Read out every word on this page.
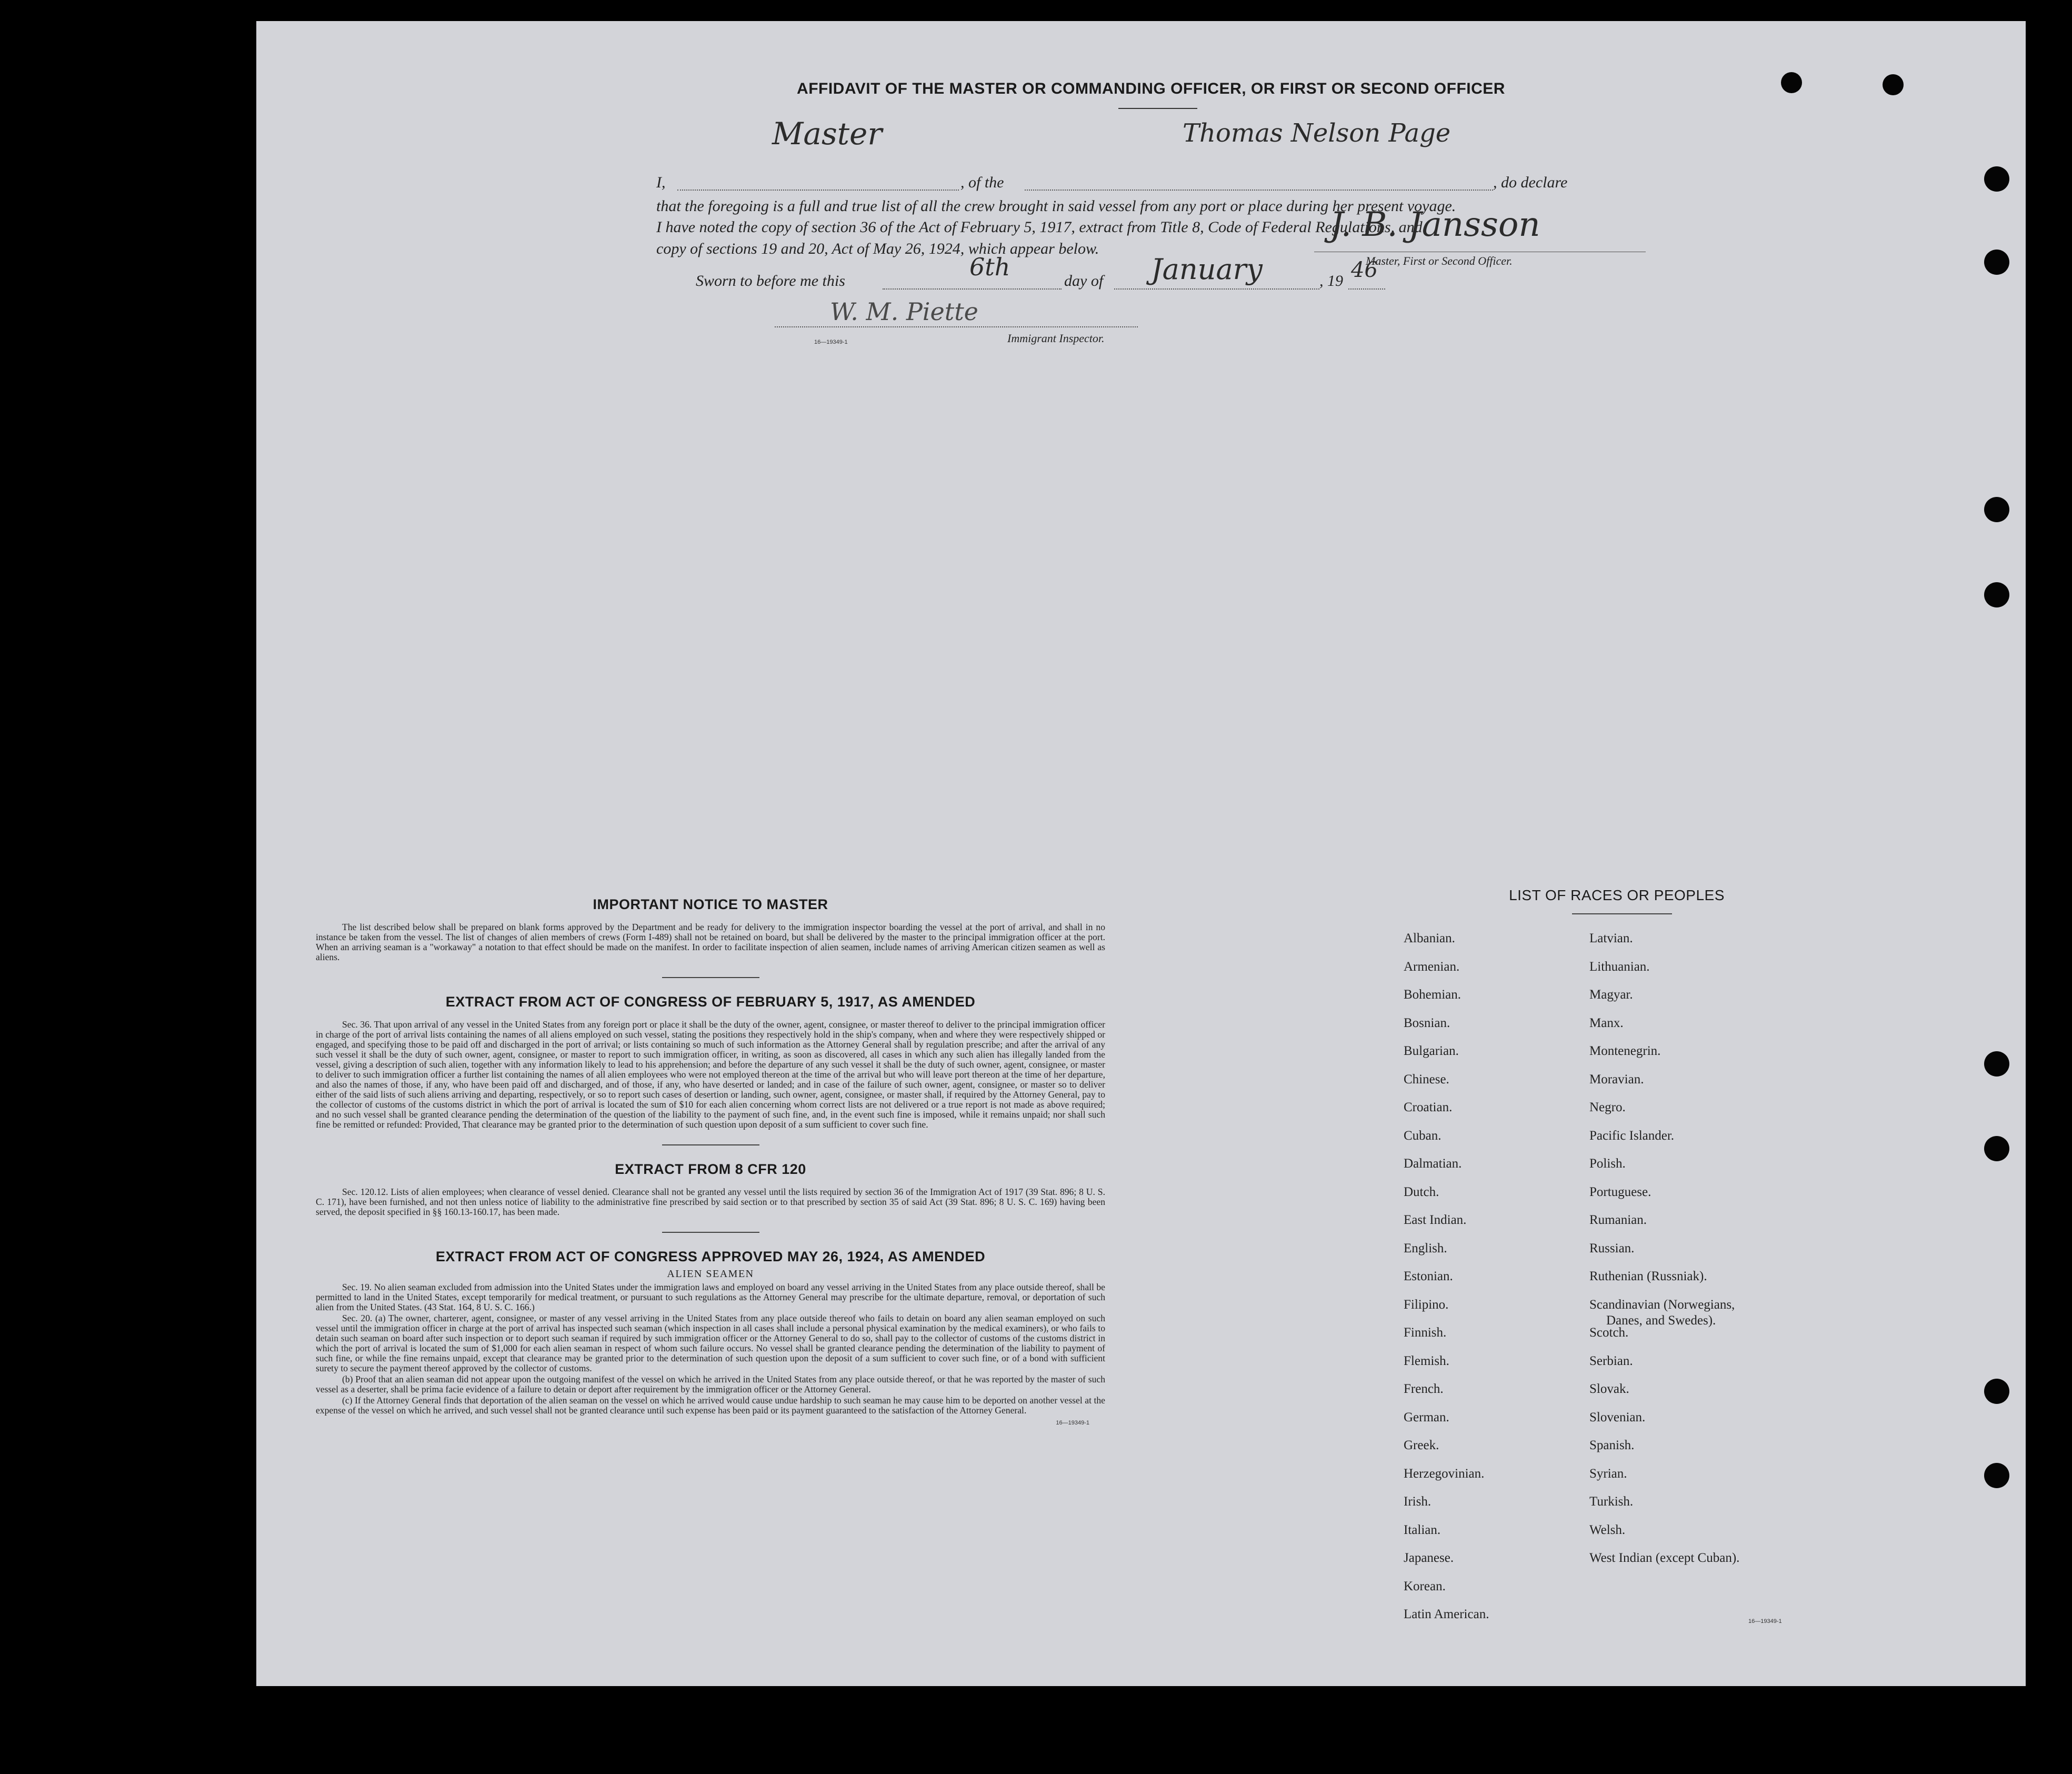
AFFIDAVIT OF THE MASTER OR COMMANDING OFFICER, OR FIRST OR SECOND OFFICER
I,
Master
, of the
Thomas Nelson Page
, do declare
that the foregoing is a full and true list of all the crew brought in said vessel from any port or place during her present voyage.
I have noted the copy of section 36 of the Act of February 5, 1917, extract from Title 8, Code of Federal Regulations, and
copy of sections 19 and 20, Act of May 26, 1924, which appear below.
J. B. Jansson
Master, First or Second Officer.
Sworn to before me this	6th	day of January	, 19 46
W. M. Piette
16—19349-1	Immigrant Inspector.
IMPORTANT NOTICE TO MASTER

The list described below shall be prepared on blank forms approved by the Department and be ready for delivery to the immigration inspector boarding the vessel at the port of arrival, and shall in no instance be taken from the vessel. The list of changes of alien members of crews (Form I-489) shall not be retained on board, but shall be delivered by the master to the principal immigration officer at the port. When an arriving seaman is a "workaway" a notation to that effect should be made on the manifest. In order to facilitate inspection of alien seamen, include names of arriving American citizen seamen as well as aliens.

EXTRACT FROM ACT OF CONGRESS OF FEBRUARY 5, 1917, AS AMENDED

Sec. 36. That upon arrival of any vessel in the United States from any foreign port or place it shall be the duty of the owner, agent, consignee, or master thereof to deliver to the principal immigration officer in charge of the port of arrival lists containing the names of all aliens employed on such vessel, stating the positions they respectively hold in the ship's company, when and where they were respectively shipped or engaged, and specifying those to be paid off and discharged in the port of arrival; or lists containing so much of such information as the Attorney General shall by regulation prescribe; and after the arrival of any such vessel it shall be the duty of such owner, agent, consignee, or master to report to such immigration officer, in writing, as soon as discovered, all cases in which any such alien has illegally landed from the vessel, giving a description of such alien, together with any information likely to lead to his apprehension; and before the departure of any such vessel it shall be the duty of such owner, agent, consignee, or master to deliver to such immigration officer a further list containing the names of all alien employees who were not employed thereon at the time of the arrival but who will leave port thereon at the time of her departure, and also the names of those, if any, who have been paid off and discharged, and of those, if any, who have deserted or landed; and in case of the failure of such owner, agent, consignee, or master so to deliver either of the said lists of such aliens arriving and departing, respectively, or so to report such cases of desertion or landing, such owner, agent, consignee, or master shall, if required by the Attorney General, pay to the collector of customs of the customs district in which the port of arrival is located the sum of $10 for each alien concerning whom correct lists are not delivered or a true report is not made as above required; and no such vessel shall be granted clearance pending the determination of the question of the liability to the payment of such fine, and, in the event such fine is imposed, while it remains unpaid; nor shall such fine be remitted or refunded: Provided, That clearance may be granted prior to the determination of such question upon deposit of a sum sufficient to cover such fine.

EXTRACT FROM 8 CFR 120

Sec. 120.12. Lists of alien employees; when clearance of vessel denied. Clearance shall not be granted any vessel until the lists required by section 36 of the Immigration Act of 1917 (39 Stat. 896; 8 U. S. C. 171), have been furnished, and not then unless notice of liability to the administrative fine prescribed by said section or to that prescribed by section 35 of said Act (39 Stat. 896; 8 U. S. C. 169) having been served, the deposit specified in §§ 160.13-160.17, has been made.

EXTRACT FROM ACT OF CONGRESS APPROVED MAY 26, 1924, AS AMENDED
ALIEN SEAMEN

Sec. 19. No alien seaman excluded from admission into the United States under the immigration laws and employed on board any vessel arriving in the United States from any place outside thereof, shall be permitted to land in the United States, except temporarily for medical treatment, or pursuant to such regulations as the Attorney General may prescribe for the ultimate departure, removal, or deportation of such alien from the United States. (43 Stat. 164, 8 U. S. C. 166.)

Sec. 20. (a) The owner, charterer, agent, consignee, or master of any vessel arriving in the United States from any place outside thereof who fails to detain on board any alien seaman employed on such vessel until the immigration officer in charge at the port of arrival has inspected such seaman (which inspection in all cases shall include a personal physical examination by the medical examiners), or who fails to detain such seaman on board after such inspection or to deport such seaman if required by such immigration officer or the Attorney General to do so, shall pay to the collector of customs of the customs district in which the port of arrival is located the sum of $1,000 for each alien seaman in respect of whom such failure occurs. No vessel shall be granted clearance pending the determination of the liability to payment of such fine, or while the fine remains unpaid, except that clearance may be granted prior to the determination of such question upon the deposit of a sum sufficient to cover such fine, or of a bond with sufficient surety to secure the payment thereof approved by the collector of customs.

(b) Proof that an alien seaman did not appear upon the outgoing manifest of the vessel on which he arrived in the United States from any place outside thereof, or that he was reported by the master of such vessel as a deserter, shall be prima facie evidence of a failure to detain or deport after requirement by the immigration officer or the Attorney General.

(c) If the Attorney General finds that deportation of the alien seaman on the vessel on which he arrived would cause undue hardship to such seaman he may cause him to be deported on another vessel at the expense of the vessel on which he arrived, and such vessel shall not be granted clearance until such expense has been paid or its payment guaranteed to the satisfaction of the Attorney General.

16—19349-1
LIST OF RACES OR PEOPLES
Albanian.
Armenian.
Bohemian.
Bosnian.
Bulgarian.
Chinese.
Croatian.
Cuban.
Dalmatian.
Dutch.
East Indian.
English.
Estonian.
Filipino.
Finnish.
Flemish.
French.
German.
Greek.
Herzegovinian.
Irish.
Italian.
Japanese.
Korean.
Latin American.
Latvian.
Lithuanian.
Magyar.
Manx.
Montenegrin.
Moravian.
Negro.
Pacific Islander.
Polish.
Portuguese.
Rumanian.
Russian.
Ruthenian (Russniak).
Scandinavian (Norwegians,
Danes, and Swedes).
Scotch.
Serbian.
Slovak.
Slovenian.
Spanish.
Syrian.
Turkish.
Welsh.
West Indian (except Cuban).
16—19349-1
